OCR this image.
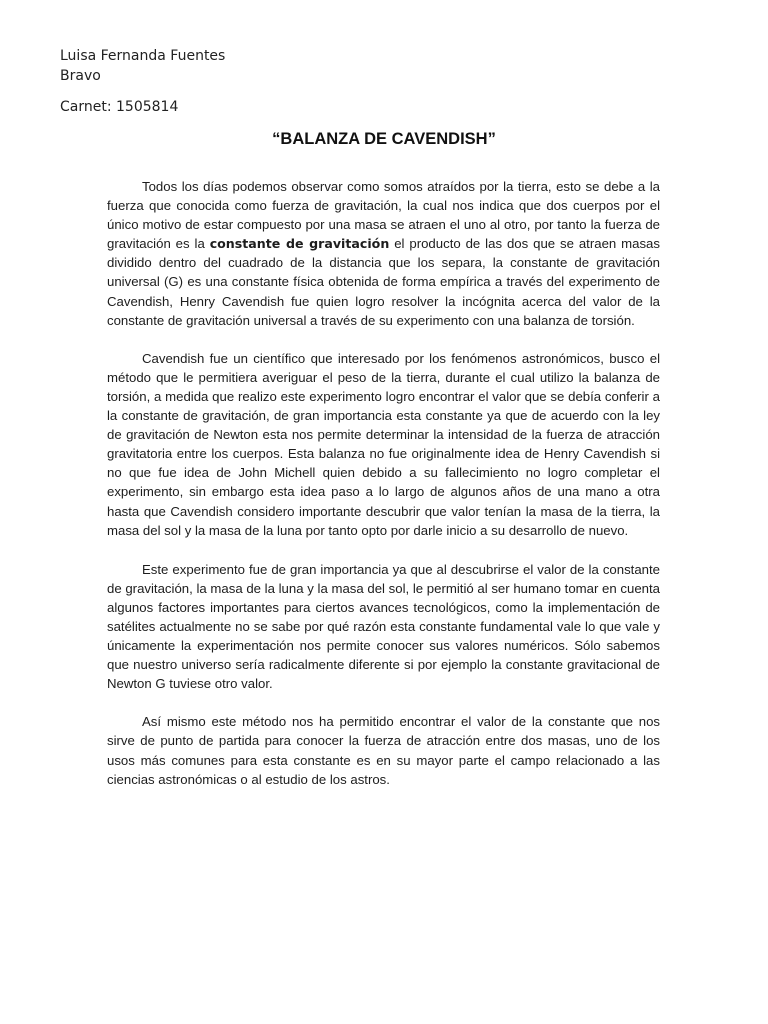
Luisa Fernanda Fuentes
Bravo
Carnet: 1505814
“BALANZA DE CAVENDISH”

Todos los días podemos observar como somos atraídos por la tierra, esto se debe a la fuerza que conocida como fuerza de gravitación, la cual nos indica que dos cuerpos por el único motivo de estar compuesto por una masa se atraen el uno al otro, por tanto la fuerza de gravitación es la constante de gravitación el producto de las dos que se atraen masas dividido dentro del cuadrado de la distancia que los separa, la constante de gravitación universal (G) es una constante física obtenida de forma empírica a través del experimento de Cavendish, Henry Cavendish fue quien logro resolver la incógnita acerca del valor de la constante de gravitación universal a través de su experimento con una balanza de torsión.

Cavendish fue un científico que interesado por los fenómenos astronómicos, busco el método que le permitiera averiguar el peso de la tierra, durante el cual utilizo la balanza de torsión, a medida que realizo este experimento logro encontrar el valor que se debía conferir a la constante de gravitación, de gran importancia esta constante ya que de acuerdo con la ley de gravitación de Newton esta nos permite determinar la intensidad de la fuerza de atracción gravitatoria entre los cuerpos. Esta balanza no fue originalmente idea de Henry Cavendish si no que fue idea de John Michell quien debido a su fallecimiento no logro completar el experimento, sin embargo esta idea paso a lo largo de algunos años de una mano a otra hasta que Cavendish considero importante descubrir que valor tenían la masa de la tierra, la masa del sol y la masa de la luna por tanto opto por darle inicio a su desarrollo de nuevo.

Este experimento fue de gran importancia ya que al descubrirse el valor de la constante de gravitación, la masa de la luna y la masa del sol, le permitió al ser humano tomar en cuenta algunos factores importantes para ciertos avances tecnológicos, como la implementación de satélites actualmente no se sabe por qué razón esta constante fundamental vale lo que vale y únicamente la experimentación nos permite conocer sus valores numéricos. Sólo sabemos que nuestro universo sería radicalmente diferente si por ejemplo la constante gravitacional de Newton G tuviese otro valor.

Así mismo este método nos ha permitido encontrar el valor de la constante que nos sirve de punto de partida para conocer la fuerza de atracción entre dos masas, uno de los usos más comunes para esta constante es en su mayor parte el campo relacionado a las ciencias astronómicas o al estudio de los astros.
